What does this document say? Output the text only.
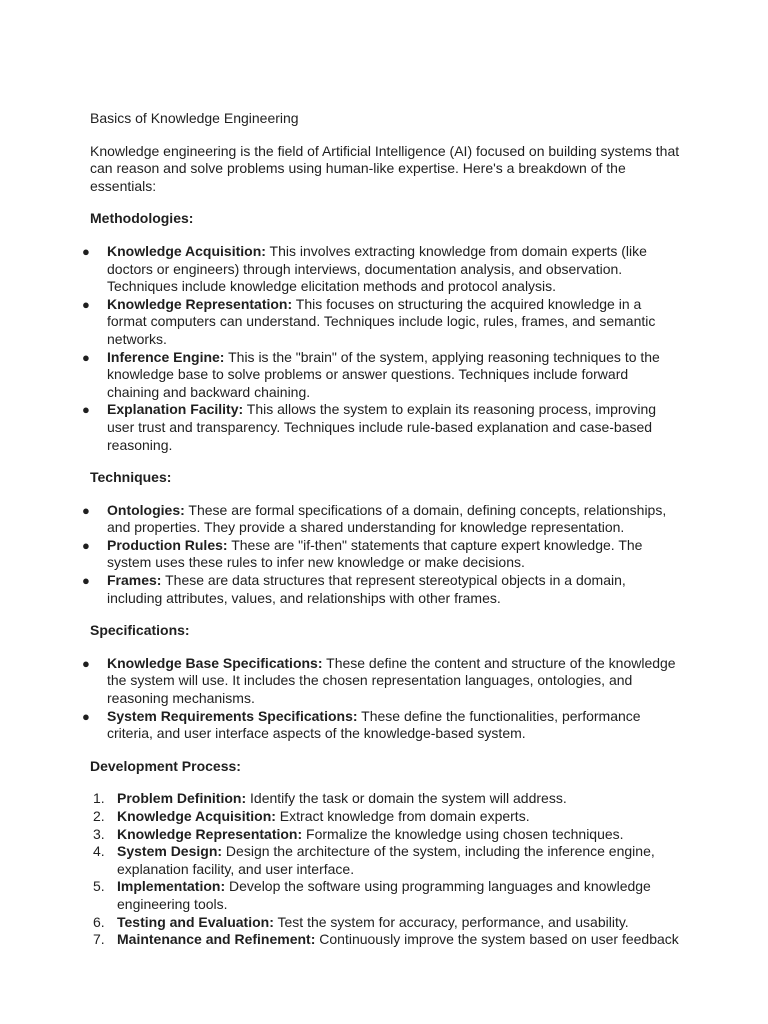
Basics of Knowledge Engineering

Knowledge engineering is the field of Artificial Intelligence (AI) focused on building systems that can reason and solve problems using human-like expertise. Here's a breakdown of the essentials:

Methodologies:

● Knowledge Acquisition: This involves extracting knowledge from domain experts (like doctors or engineers) through interviews, documentation analysis, and observation. Techniques include knowledge elicitation methods and protocol analysis.
● Knowledge Representation: This focuses on structuring the acquired knowledge in a format computers can understand. Techniques include logic, rules, frames, and semantic networks.
● Inference Engine: This is the "brain" of the system, applying reasoning techniques to the knowledge base to solve problems or answer questions. Techniques include forward chaining and backward chaining.
● Explanation Facility: This allows the system to explain its reasoning process, improving user trust and transparency. Techniques include rule-based explanation and case-based reasoning.

Techniques:

● Ontologies: These are formal specifications of a domain, defining concepts, relationships, and properties. They provide a shared understanding for knowledge representation.
● Production Rules: These are "if-then" statements that capture expert knowledge. The system uses these rules to infer new knowledge or make decisions.
● Frames: These are data structures that represent stereotypical objects in a domain, including attributes, values, and relationships with other frames.

Specifications:

● Knowledge Base Specifications: These define the content and structure of the knowledge the system will use. It includes the chosen representation languages, ontologies, and reasoning mechanisms.
● System Requirements Specifications: These define the functionalities, performance criteria, and user interface aspects of the knowledge-based system.

Development Process:

1. Problem Definition: Identify the task or domain the system will address.
2. Knowledge Acquisition: Extract knowledge from domain experts.
3. Knowledge Representation: Formalize the knowledge using chosen techniques.
4. System Design: Design the architecture of the system, including the inference engine, explanation facility, and user interface.
5. Implementation: Develop the software using programming languages and knowledge engineering tools.
6. Testing and Evaluation: Test the system for accuracy, performance, and usability.
7. Maintenance and Refinement: Continuously improve the system based on user feedback
